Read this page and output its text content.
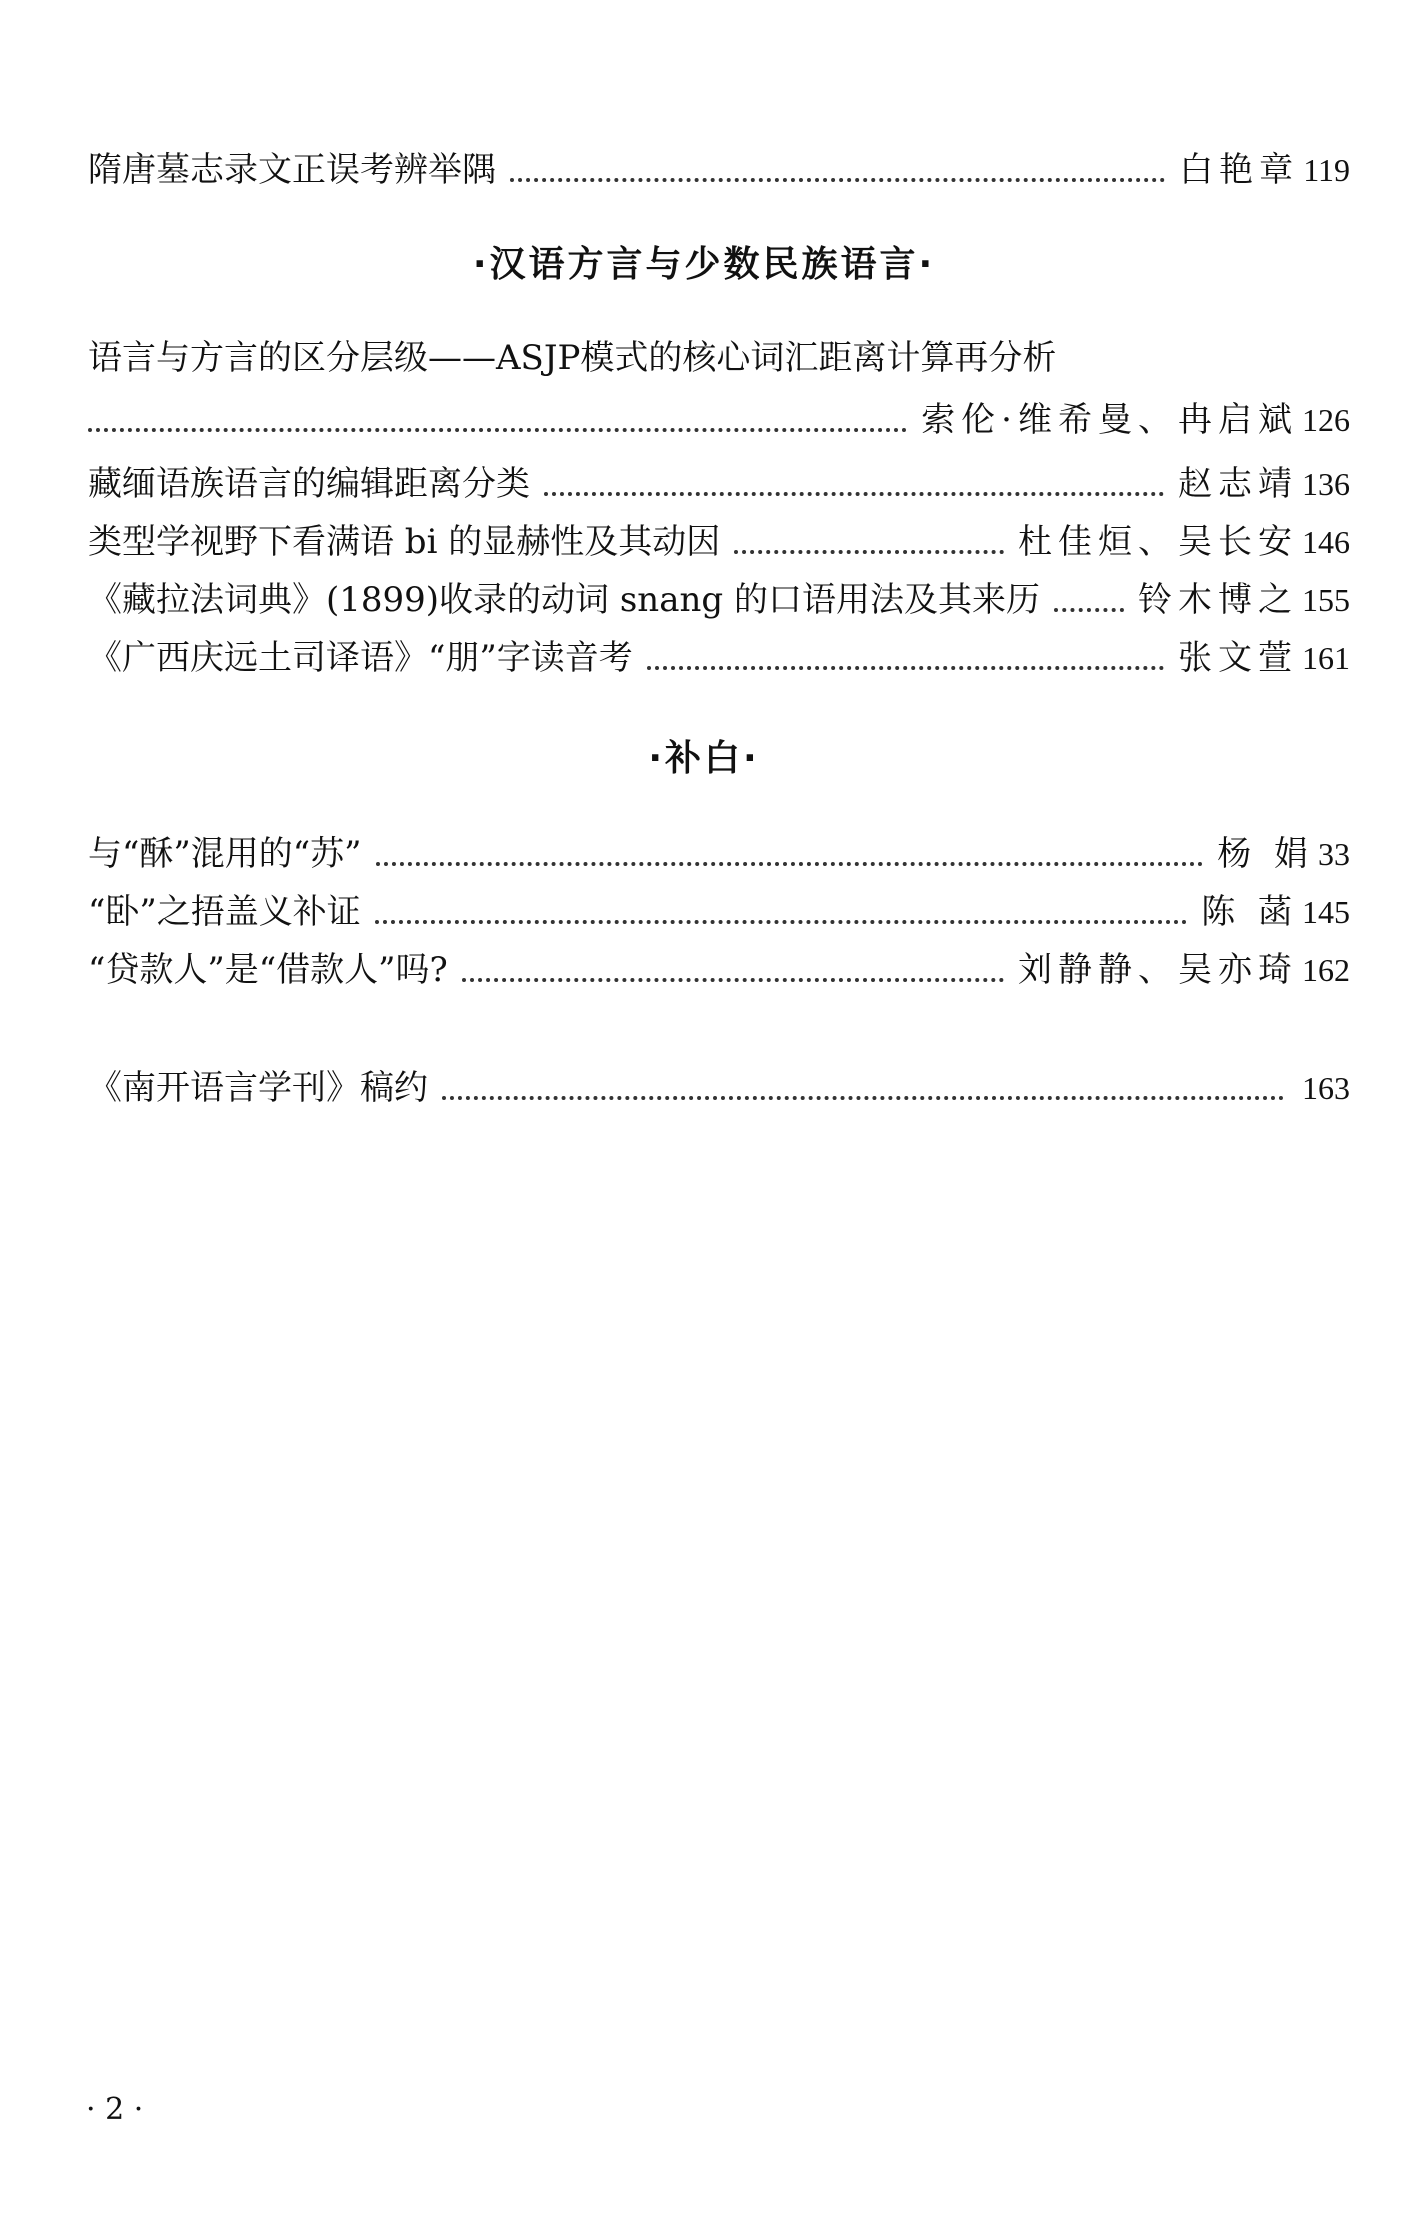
隋唐墓志录文正误考辨举隅	白艳章 119
·汉语方言与少数民族语言·
语言与方言的区分层级——ASJP模式的核心词汇距离计算再分析
索伦·维希曼、冉启斌 126
藏缅语族语言的编辑距离分类	赵志靖 136
类型学视野下看满语 bi 的显赫性及其动因	杜佳烜、吴长安 146
《藏拉法词典》(1899)收录的动词 snang 的口语用法及其来历	铃木博之 155
《广西庆远土司译语》“朋”字读音考	张文萱 161
·补白·
与“酥”混用的“苏”	杨 娟 33
“卧”之捂盖义补证	陈 菡 145
“贷款人”是“借款人”吗?	刘静静、吴亦琦 162
《南开语言学刊》稿约	163
· 2 ·
